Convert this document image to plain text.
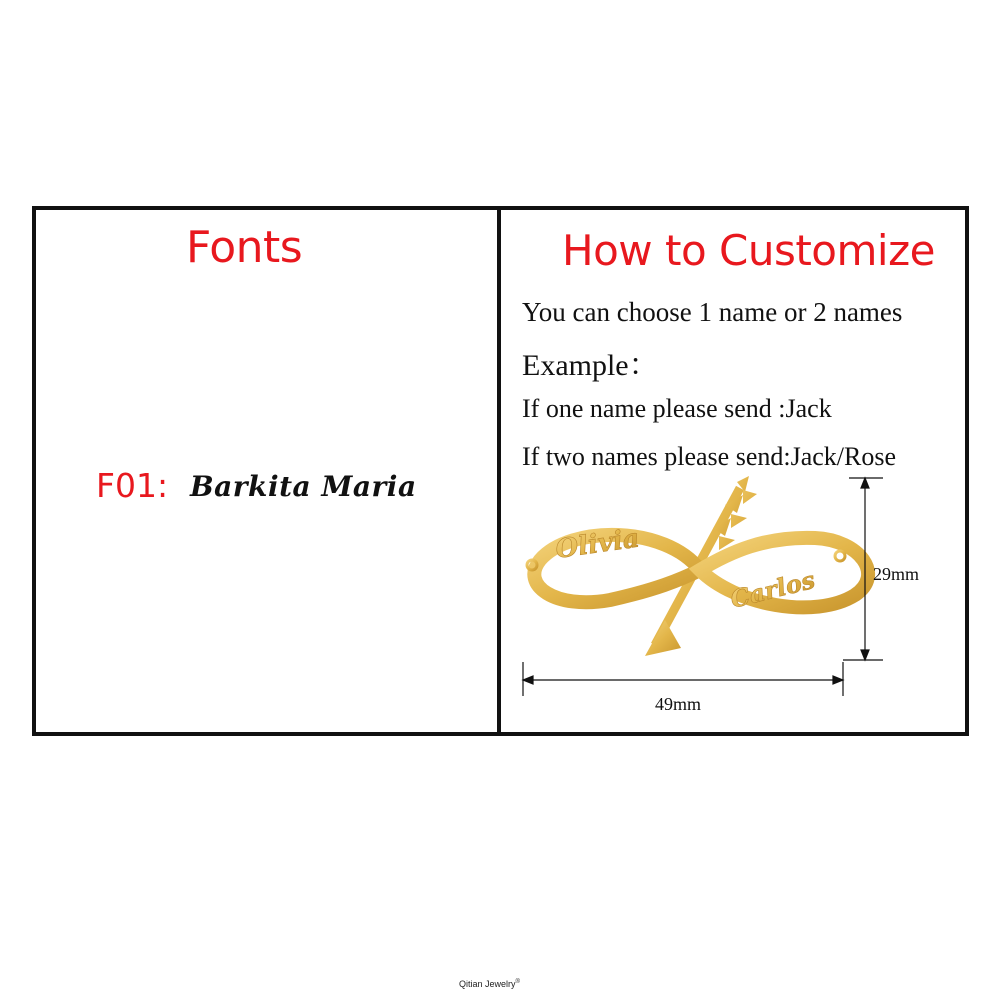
Fonts
F01: Barkita Maria
How to Customize
You can choose 1 name or 2 names
Example：
If one name please send :Jack
If two names please send:Jack/Rose
Olivia
Carlos	29mm
49mm
Qitian Jewelry®
